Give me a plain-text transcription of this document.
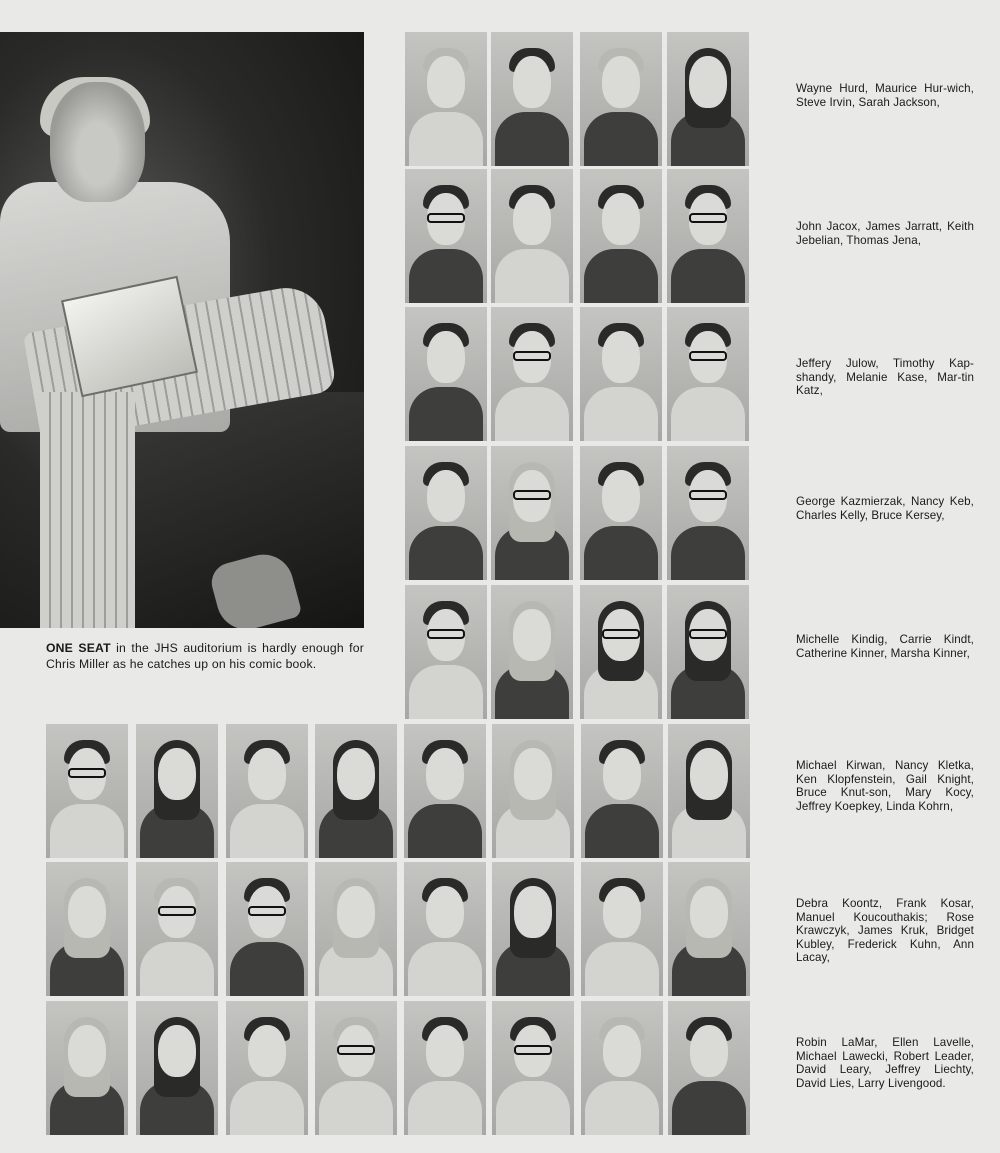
ONE SEAT in the JHS auditorium is hardly enough for Chris Miller as he catches up on his comic book.
Wayne Hurd, Maurice Hur-wich, Steve Irvin, Sarah Jackson,
John Jacox, James Jarratt, Keith Jebelian, Thomas Jena,
Jeffery Julow, Timothy Kap-shandy, Melanie Kase, Mar-tin Katz,
George Kazmierzak, Nancy Keb, Charles Kelly, Bruce Kersey,
Michelle Kindig, Carrie Kindt, Catherine Kinner, Marsha Kinner,
Michael Kirwan, Nancy Kletka, Ken Klopfenstein, Gail Knight, Bruce Knut-son, Mary Kocy, Jeffrey Koepkey, Linda Kohrn,
Debra Koontz, Frank Kosar, Manuel Koucouthakis; Rose Krawczyk, James Kruk, Bridget Kubley, Frederick Kuhn, Ann Lacay,
Robin LaMar, Ellen Lavelle, Michael Lawecki, Robert Leader, David Leary, Jeffrey Liechty, David Lies, Larry Livengood.
